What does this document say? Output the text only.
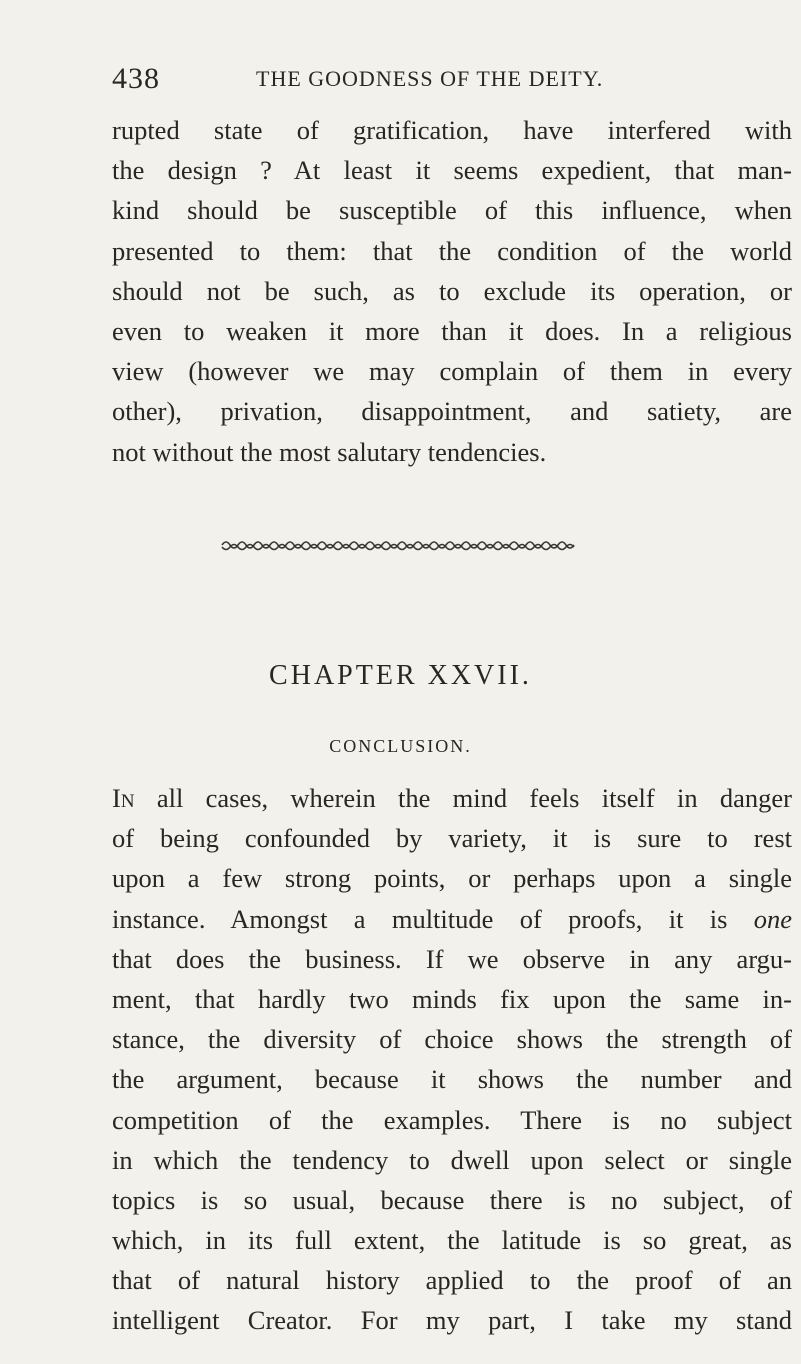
438	THE GOODNESS OF THE DEITY.

rupted state of gratification, have interfered with
the design ? At least it seems expedient, that man-
kind should be susceptible of this influence, when
presented to them: that the condition of the world
should not be such, as to exclude its operation, or
even to weaken it more than it does. In a religious
view (however we may complain of them in every
other), privation, disappointment, and satiety, are
not without the most salutary tendencies.

CHAPTER XXVII.
CONCLUSION.

In all cases, wherein the mind feels itself in danger
of being confounded by variety, it is sure to rest
upon a few strong points, or perhaps upon a single
instance. Amongst a multitude of proofs, it is one
that does the business. If we observe in any argu-
ment, that hardly two minds fix upon the same in-
stance, the diversity of choice shows the strength of
the argument, because it shows the number and
competition of the examples. There is no subject
in which the tendency to dwell upon select or single
topics is so usual, because there is no subject, of
which, in its full extent, the latitude is so great, as
that of natural history applied to the proof of an
intelligent Creator. For my part, I take my stand
